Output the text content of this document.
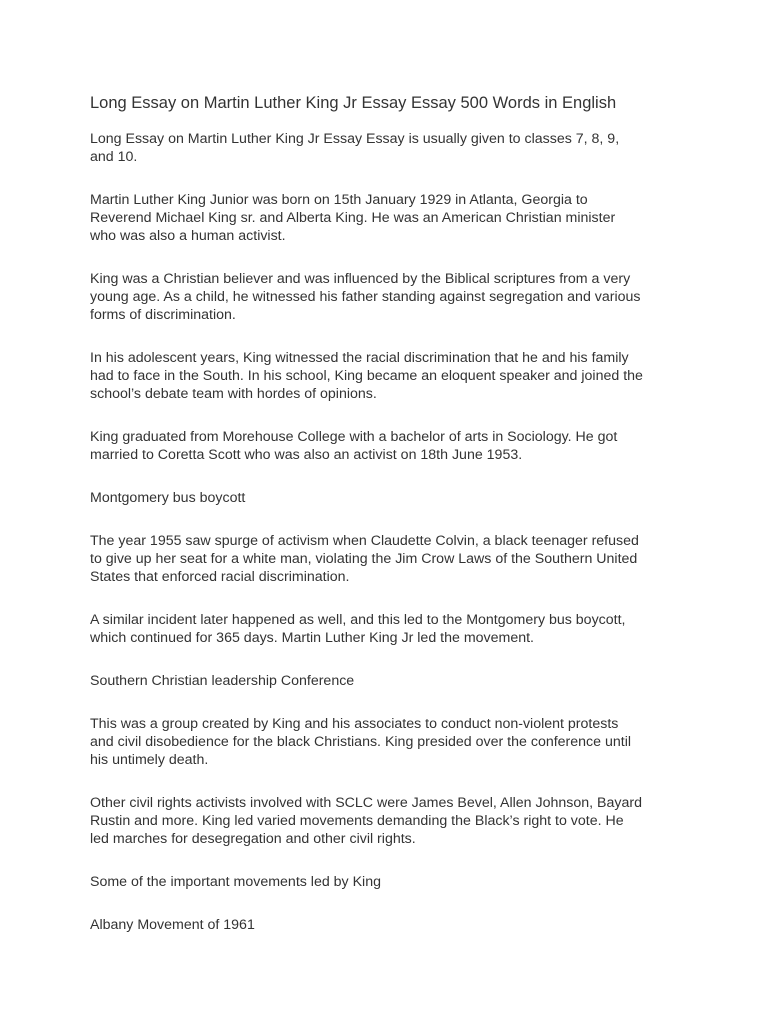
Long Essay on Martin Luther King Jr Essay Essay 500 Words in English

Long Essay on Martin Luther King Jr Essay Essay is usually given to classes 7, 8, 9,
and 10.

Martin Luther King Junior was born on 15th January 1929 in Atlanta, Georgia to
Reverend Michael King sr. and Alberta King. He was an American Christian minister
who was also a human activist.

King was a Christian believer and was influenced by the Biblical scriptures from a very
young age. As a child, he witnessed his father standing against segregation and various
forms of discrimination.

In his adolescent years, King witnessed the racial discrimination that he and his family
had to face in the South. In his school, King became an eloquent speaker and joined the
school’s debate team with hordes of opinions.

King graduated from Morehouse College with a bachelor of arts in Sociology. He got
married to Coretta Scott who was also an activist on 18th June 1953.

Montgomery bus boycott

The year 1955 saw spurge of activism when Claudette Colvin, a black teenager refused
to give up her seat for a white man, violating the Jim Crow Laws of the Southern United
States that enforced racial discrimination.

A similar incident later happened as well, and this led to the Montgomery bus boycott,
which continued for 365 days. Martin Luther King Jr led the movement.

Southern Christian leadership Conference

This was a group created by King and his associates to conduct non-violent protests
and civil disobedience for the black Christians. King presided over the conference until
his untimely death.

Other civil rights activists involved with SCLC were James Bevel, Allen Johnson, Bayard
Rustin and more. King led varied movements demanding the Black’s right to vote. He
led marches for desegregation and other civil rights.

Some of the important movements led by King

Albany Movement of 1961
